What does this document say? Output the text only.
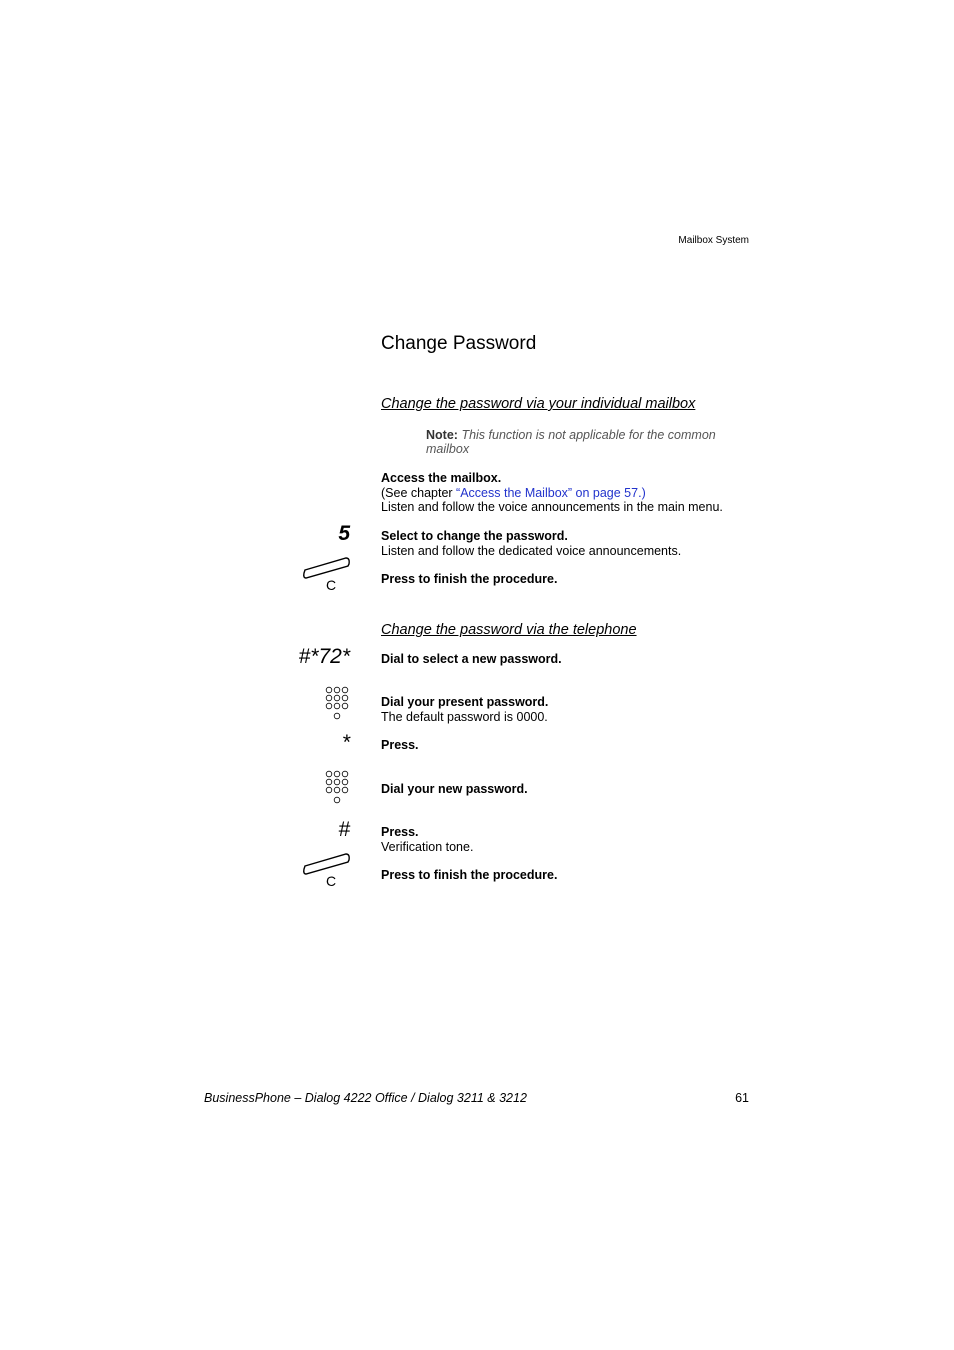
Mailbox System
Change Password
Change the password via your individual mailbox
Note: This function is not applicable for the common mailbox
Access the mailbox.
(See chapter “Access the Mailbox” on page 57.)
Listen and follow the voice announcements in the main menu.
5 Select to change the password.
Listen and follow the dedicated voice announcements.
C	Press to finish the procedure.
Change the password via the telephone
#*72* Dial to select a new password.
Dial your present password.
The default password is 0000.
* Press.
Dial your new password.
# Press.
Verification tone.
C	Press to finish the procedure.
BusinessPhone – Dialog 4222 Office / Dialog 3211 & 3212	61
